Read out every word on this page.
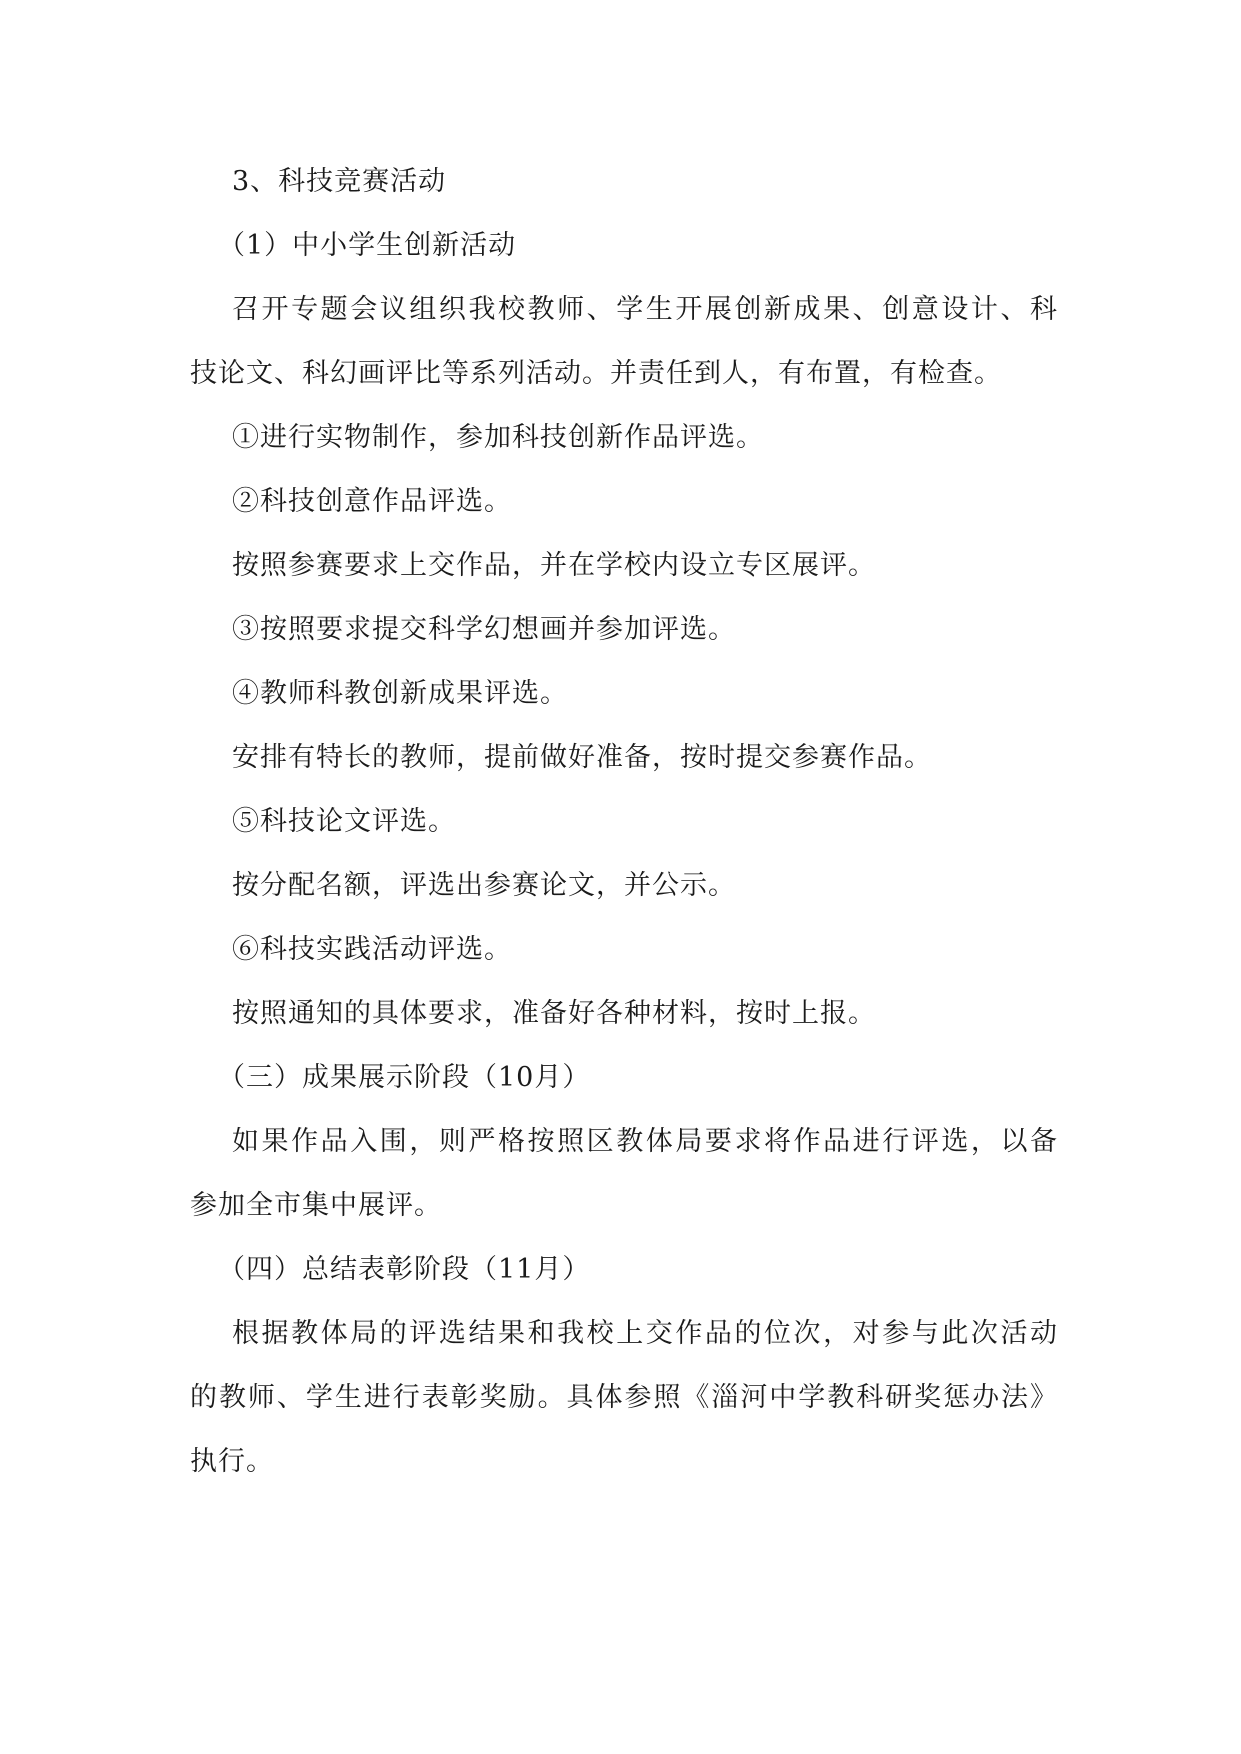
3、科技竞赛活动
（1）中小学生创新活动
召开专题会议组织我校教师、学生开展创新成果、创意设计、科
技论文、科幻画评比等系列活动。并责任到人，有布置，有检查。
①进行实物制作，参加科技创新作品评选。
②科技创意作品评选。
按照参赛要求上交作品，并在学校内设立专区展评。
③按照要求提交科学幻想画并参加评选。
④教师科教创新成果评选。
安排有特长的教师，提前做好准备，按时提交参赛作品。
⑤科技论文评选。
按分配名额，评选出参赛论文，并公示。
⑥科技实践活动评选。
按照通知的具体要求，准备好各种材料，按时上报。
（三）成果展示阶段（10月）
如果作品入围，则严格按照区教体局要求将作品进行评选，以备
参加全市集中展评。
（四）总结表彰阶段（11月）
根据教体局的评选结果和我校上交作品的位次，对参与此次活动
的教师、学生进行表彰奖励。具体参照《淄河中学教科研奖惩办法》
执行。
